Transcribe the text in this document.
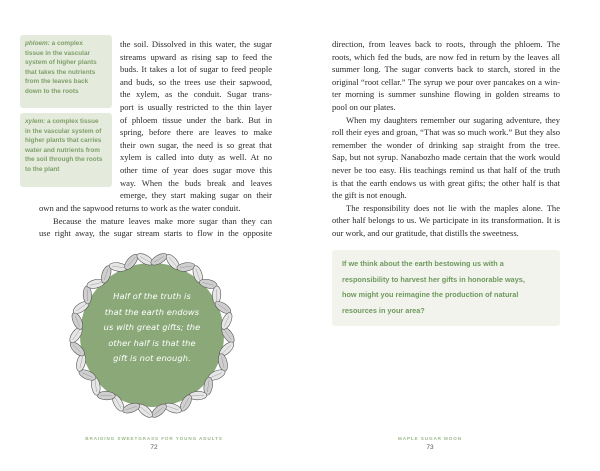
phloem: a complex
tissue in the vascular
system of higher plants
that takes the nutrients
from the leaves back
down to the roots
xylem: a complex tissue
in the vascular system of
higher plants that carries
water and nutrients from
the soil through the roots
to the plant
the soil. Dissolved in this water, the sugar
streams upward as rising sap to feed the
buds. It takes a lot of sugar to feed people
and buds, so the trees use their sapwood,
the xylem, as the conduit. Sugar trans-
port is usually restricted to the thin layer
of phloem tissue under the bark. But in
spring, before there are leaves to make
their own sugar, the need is so great that
xylem is called into duty as well. At no
other time of year does sugar move this
way. When the buds break and leaves
emerge, they start making sugar on their
own and the sapwood returns to work as the water conduit.
Because the mature leaves make more sugar than they can
use right away, the sugar stream starts to flow in the opposite
Half of the truth is
that the earth endows
us with great gifts; the
other half is that the
gift is not enough.
BRAIDING SWEETGRASS FOR YOUNG ADULTS
72
direction, from leaves back to roots, through the phloem. The
roots, which fed the buds, are now fed in return by the leaves all
summer long. The sugar converts back to starch, stored in the
original “root cellar.” The syrup we pour over pancakes on a win-
ter morning is summer sunshine flowing in golden streams to
pool on our plates.
When my daughters remember our sugaring adventure, they
roll their eyes and groan, “That was so much work.” But they also
remember the wonder of drinking sap straight from the tree.
Sap, but not syrup. Nanabozho made certain that the work would
never be too easy. His teachings remind us that half of the truth
is that the earth endows us with great gifts; the other half is that
the gift is not enough.
The responsibility does not lie with the maples alone. The
other half belongs to us. We participate in its transformation. It is
our work, and our gratitude, that distills the sweetness.
If we think about the earth bestowing us with a
responsibility to harvest her gifts in honorable ways,
how might you reimagine the production of natural
resources in your area?
MAPLE SUGAR MOON
73
